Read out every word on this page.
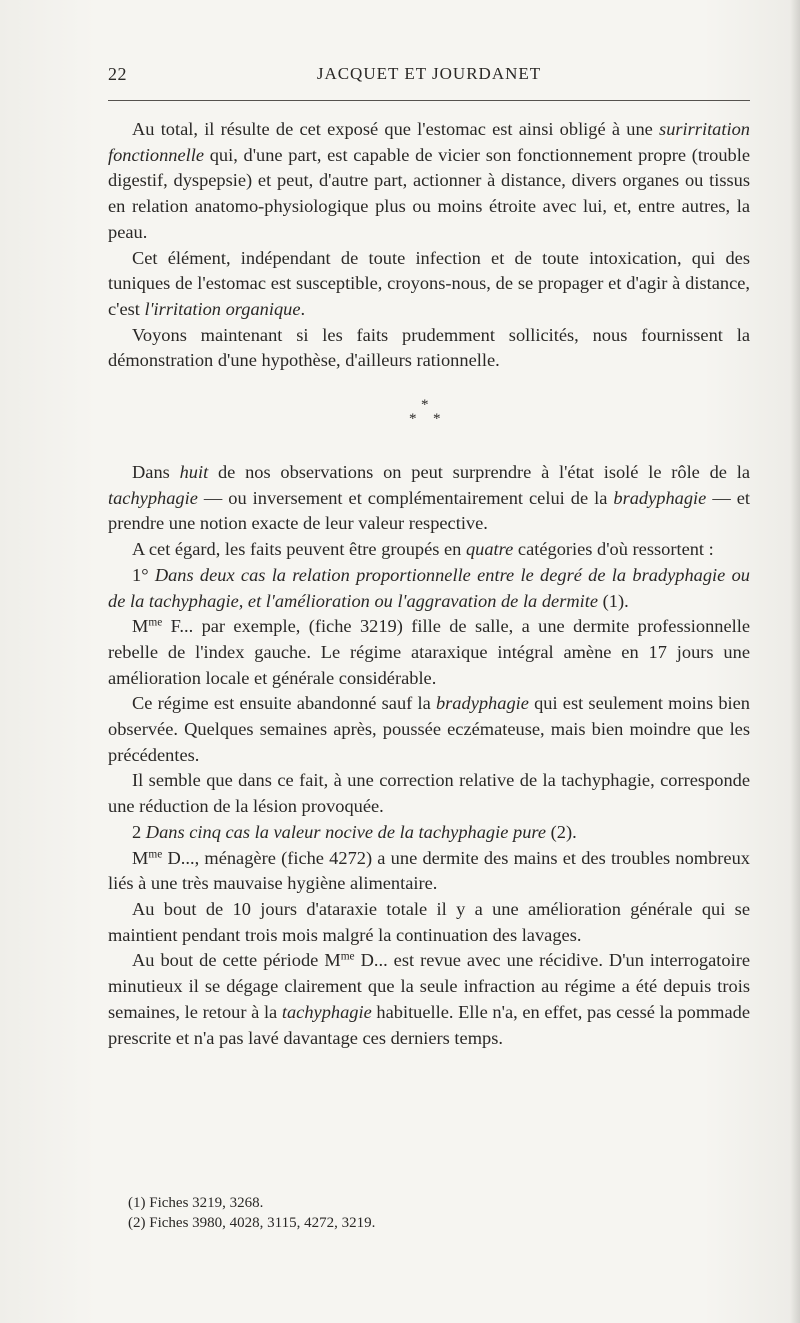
22	JACQUET ET JOURDANET

Au total, il résulte de cet exposé que l'estomac est ainsi obligé à une surirritation fonctionnelle qui, d'une part, est capable de vicier son fonctionnement propre (trouble digestif, dyspepsie) et peut, d'autre part, actionner à distance, divers organes ou tissus en relation anatomo-physiologique plus ou moins étroite avec lui, et, entre autres, la peau.

Cet élément, indépendant de toute infection et de toute intoxication, qui des tuniques de l'estomac est susceptible, croyons-nous, de se propager et d'agir à distance, c'est l'irritation organique.

Voyons maintenant si les faits prudemment sollicités, nous fournissent la démonstration d'une hypothèse, d'ailleurs rationnelle.

*
* *

Dans huit de nos observations on peut surprendre à l'état isolé le rôle de la tachyphagie — ou inversement et complémentairement celui de la bradyphagie — et prendre une notion exacte de leur valeur respective.

A cet égard, les faits peuvent être groupés en quatre catégories d'où ressortent :

1° Dans deux cas la relation proportionnelle entre le degré de la bradyphagie ou de la tachyphagie, et l'amélioration ou l'aggravation de la dermite (1).

$M^{me}$ F... par exemple, (fiche 3219) fille de salle, a une dermite professionnelle rebelle de l'index gauche. Le régime ataraxique intégral amène en 17 jours une amélioration locale et générale considérable.

Ce régime est ensuite abandonné sauf la bradyphagie qui est seulement moins bien observée. Quelques semaines après, poussée eczémateuse, mais bien moindre que les précédentes.

Il semble que dans ce fait, à une correction relative de la tachyphagie, corresponde une réduction de la lésion provoquée.

2 Dans cinq cas la valeur nocive de la tachyphagie pure (2).

$M^{me}$ D..., ménagère (fiche 4272) a une dermite des mains et des troubles nombreux liés à une très mauvaise hygiène alimentaire.

Au bout de 10 jours d'ataraxie totale il y a une amélioration générale qui se maintient pendant trois mois malgré la continuation des lavages.

Au bout de cette période $M^{me}$ D... est revue avec une récidive. D'un interrogatoire minutieux il se dégage clairement que la seule infraction au régime a été depuis trois semaines, le retour à la tachyphagie habituelle. Elle n'a, en effet, pas cessé la pommade prescrite et n'a pas lavé davantage ces derniers temps.

(1) Fiches 3219, 3268.

(2) Fiches 3980, 4028, 3115, 4272, 3219.
